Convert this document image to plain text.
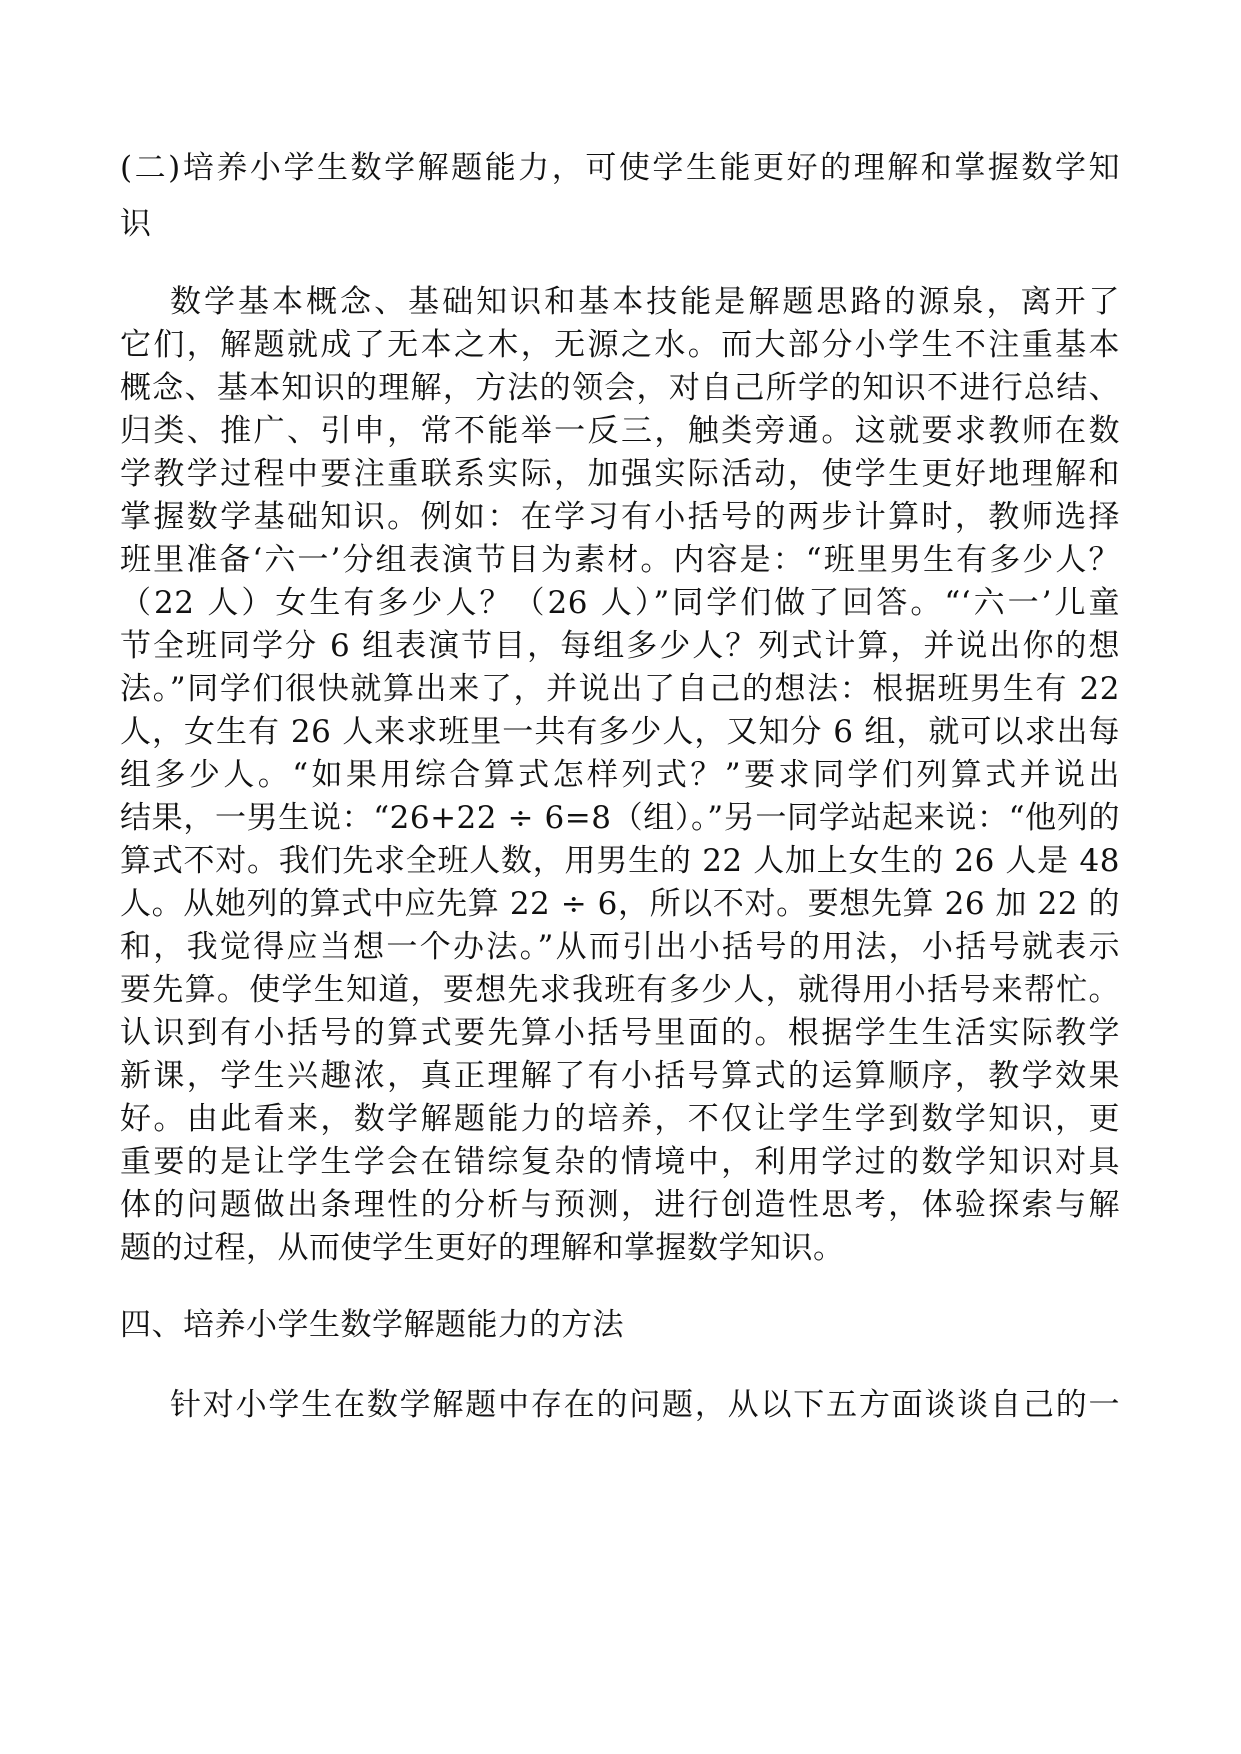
(二)培养小学生数学解题能力，可使学生能更好的理解和掌握数学知
识
数学基本概念、基础知识和基本技能是解题思路的源泉，离开了
它们，解题就成了无本之木，无源之水。而大部分小学生不注重基本
概念、基本知识的理解，方法的领会，对自己所学的知识不进行总结、
归类、推广、引申，常不能举一反三，触类旁通。这就要求教师在数
学教学过程中要注重联系实际，加强实际活动，使学生更好地理解和
掌握数学基础知识。例如：在学习有小括号的两步计算时，教师选择
班里准备‘六一’分组表演节目为素材。内容是：“班里男生有多少人？
（22 人）女生有多少人？（26 人）”同学们做了回答。“‘六一’儿童
节全班同学分 6 组表演节目，每组多少人？列式计算，并说出你的想
法。”同学们很快就算出来了，并说出了自己的想法：根据班男生有 22
人，女生有 26 人来求班里一共有多少人，又知分 6 组，就可以求出每
组多少人。“如果用综合算式怎样列式？”要求同学们列算式并说出
结果，一男生说：“26+22 ÷ 6=8（组）。”另一同学站起来说：“他列的
算式不对。我们先求全班人数，用男生的 22 人加上女生的 26 人是 48
人。从她列的算式中应先算 22 ÷ 6，所以不对。要想先算 26 加 22 的
和，我觉得应当想一个办法。”从而引出小括号的用法，小括号就表示
要先算。使学生知道，要想先求我班有多少人，就得用小括号来帮忙。
认识到有小括号的算式要先算小括号里面的。根据学生生活实际教学
新课，学生兴趣浓，真正理解了有小括号算式的运算顺序，教学效果
好。由此看来，数学解题能力的培养，不仅让学生学到数学知识，更
重要的是让学生学会在错综复杂的情境中，利用学过的数学知识对具
体的问题做出条理性的分析与预测，进行创造性思考，体验探索与解
题的过程，从而使学生更好的理解和掌握数学知识。
四、培养小学生数学解题能力的方法
针对小学生在数学解题中存在的问题，从以下五方面谈谈自己的一
